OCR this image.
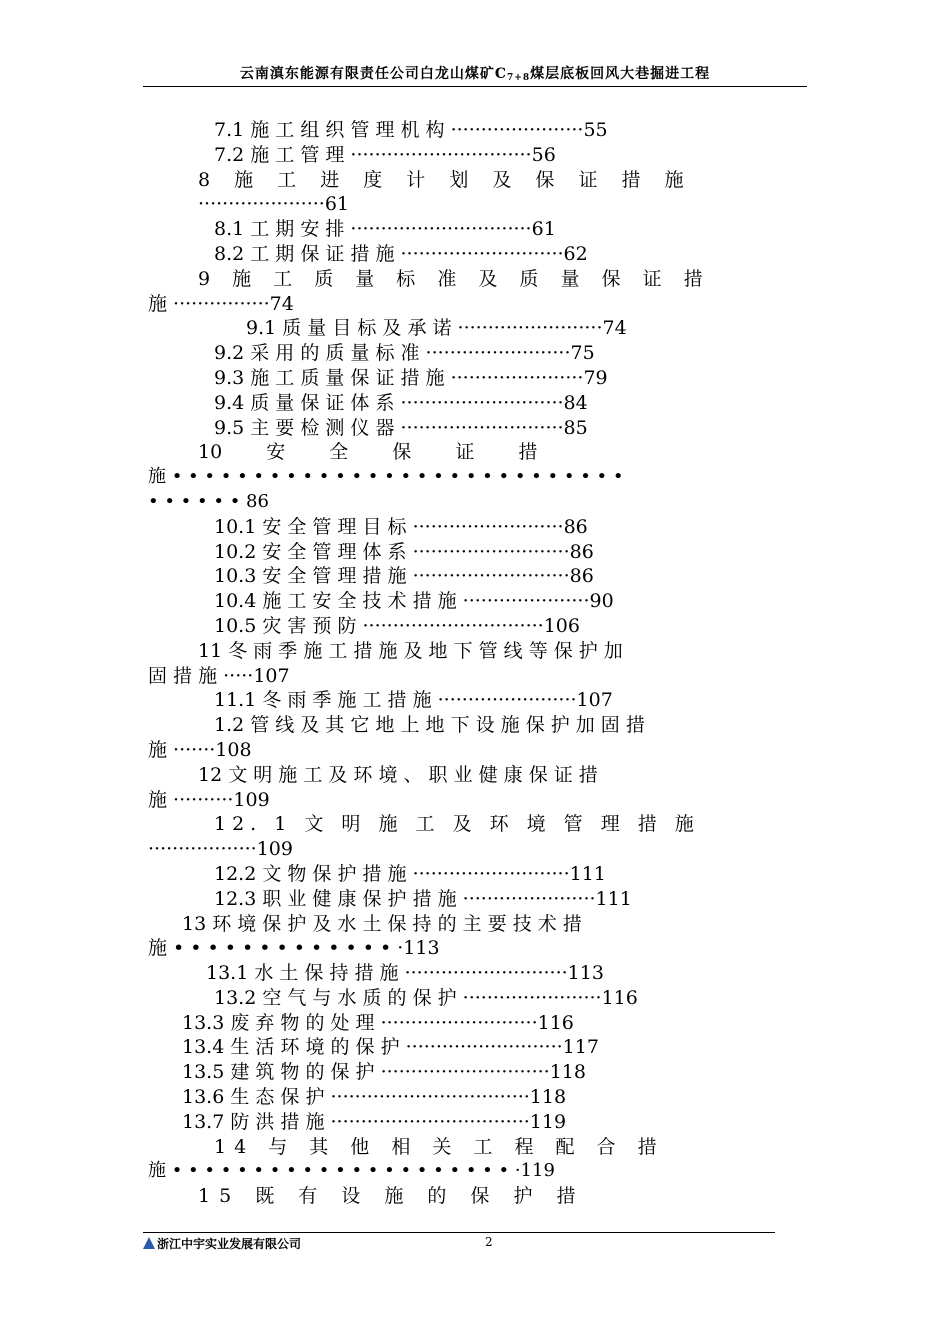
云南滇东能源有限责任公司白龙山煤矿$C_{7+8}$煤层底板回风大巷掘进工程
7.1 施 工 组 织 管 理 机 构 ······················55
7.2 施 工 管 理 ······························56
8 施 工 进 度 计 划 及 保 证 措 施
·····················61
8.1 工 期 安 排 ······························61
8.2 工 期 保 证 措 施 ···························62
9 施 工 质 量 标 准 及 质 量 保 证 措
施 ················74
9.1 质 量 目 标 及 承 诺 ························74
9.2 采 用 的 质 量 标 准 ························75
9.3 施 工 质 量 保 证 措 施 ······················79
9.4 质 量 保 证 体 系 ···························84
9.5 主 要 检 测 仪 器 ···························85
10 安 全 保 证 措
施 • • • • • • • • • • • • • • • • • • • • • • • • • • • •
• • • • • • 86
10.1 安 全 管 理 目 标 ·························86
10.2 安 全 管 理 体 系 ··························86
10.3 安 全 管 理 措 施 ··························86
10.4 施 工 安 全 技 术 措 施 ·····················90
10.5 灾 害 预 防 ······························106
11 冬 雨 季 施 工 措 施 及 地 下 管 线 等 保 护 加
固 措 施 ·····107
11.1 冬 雨 季 施 工 措 施 ·······················107
1.2 管 线 及 其 它 地 上 地 下 设 施 保 护 加 固 措
施 ·······108
12 文 明 施 工 及 环 境 、 职 业 健 康 保 证 措
施 ··········109
12. 1 文 明 施 工 及 环 境 管 理 措 施
··················109
12.2 文 物 保 护 措 施 ··························111
12.3 职 业 健 康 保 护 措 施 ······················111
13 环 境 保 护 及 水 土 保 持 的 主 要 技 术 措
施 • • • • • • • • • • • • • ·113
13.1 水 土 保 持 措 施 ···························113
13.2 空 气 与 水 质 的 保 护 ·······················116
13.3 废 弃 物 的 处 理 ··························116
13.4 生 活 环 境 的 保 护 ··························117
13.5 建 筑 物 的 保 护 ····························118
13.6 生 态 保 护 ·································118
13.7 防 洪 措 施 ·································119
14 与 其 他 相 关 工 程 配 合 措
施 • • • • • • • • • • • • • • • • • • • • • ·119
15 既 有 设 施 的 保 护 措
浙江中宇实业发展有限公司	2
